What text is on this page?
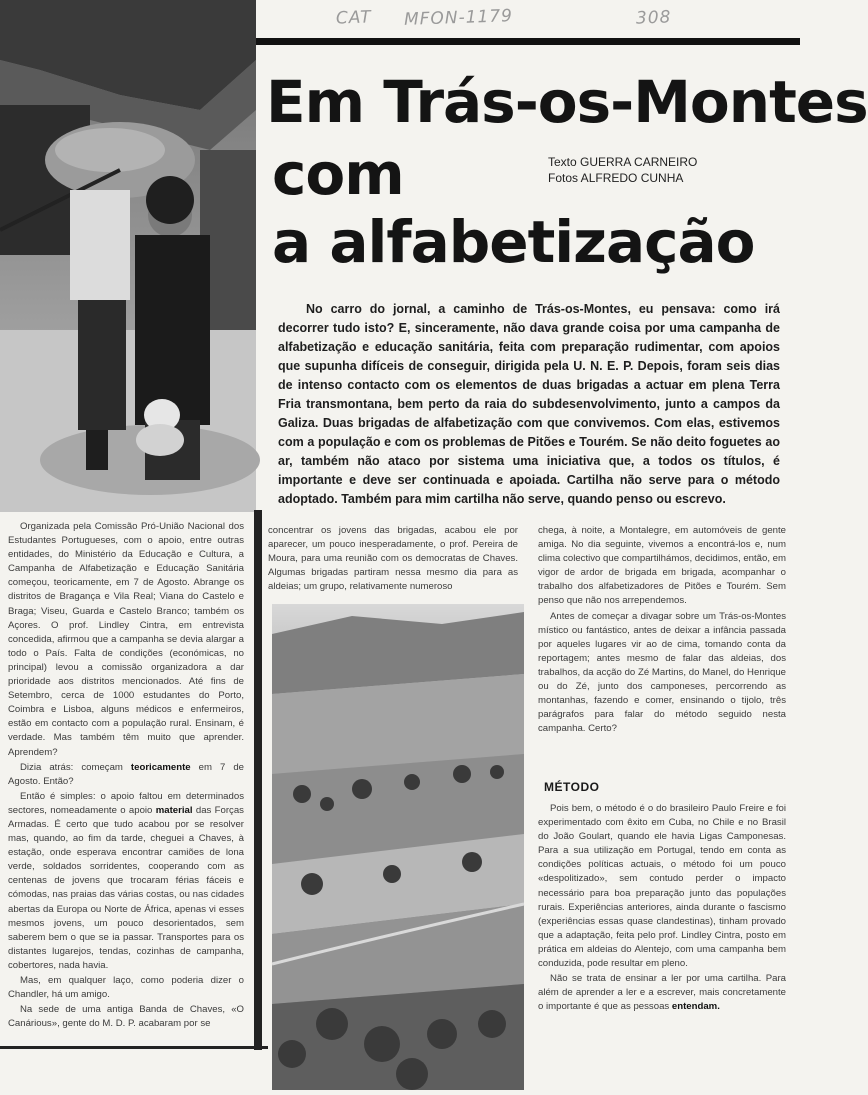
CAT MFON-1179	308
Em Trás-os-Montes
com
a alfabetização
Texto GUERRA CARNEIRO
Fotos ALFREDO CUNHA

No carro do jornal, a caminho de Trás-os-Montes, eu pensava: como irá decorrer tudo isto? E, sinceramente, não dava grande coisa por uma campanha de alfabetização e educação sanitária, feita com preparação rudimentar, com apoios que supunha difíceis de conseguir, dirigida pela U. N. E. P. Depois, foram seis dias de intenso contacto com os elementos de duas brigadas a actuar em plena Terra Fria transmontana, bem perto da raia do subdesenvolvimento, junto a campos da Galiza. Duas brigadas de alfabetização com que convivemos. Com elas, estivemos com a população e com os problemas de Pitões e Tourém. Se não deito foguetes ao ar, também não ataco por sistema uma iniciativa que, a todos os títulos, é importante e deve ser continuada e apoiada. Cartilha não serve para o método adoptado. Também para mim cartilha não serve, quando penso ou escrevo.

Organizada pela Comissão Pró-União Nacional dos Estudantes Portugueses, com o apoio, entre outras entidades, do Ministério da Educação e Cultura, a Campanha de Alfabetização e Educação Sanitária começou, teoricamente, em 7 de Agosto. Abrange os distritos de Bragança e Vila Real; Viana do Castelo e Braga; Viseu, Guarda e Castelo Branco; também os Açores. O prof. Lindley Cintra, em entrevista concedida, afirmou que a campanha se devia alargar a todo o País. Falta de condições (económicas, no principal) levou a comissão organizadora a dar prioridade aos distritos mencionados. Até fins de Setembro, cerca de 1000 estudantes do Porto, Coimbra e Lisboa, alguns médicos e enfermeiros, estão em contacto com a população rural. Ensinam, é verdade. Mas também têm muito que aprender. Aprendem?

Dizia atrás: começam teoricamente em 7 de Agosto. Então?

Então é simples: o apoio faltou em determinados sectores, nomeadamente o apoio material das Forças Armadas. É certo que tudo acabou por se resolver mas, quando, ao fim da tarde, cheguei a Chaves, à estação, onde esperava encontrar camiões de lona verde, soldados sorridentes, cooperando com as centenas de jovens que trocaram férias fáceis e cómodas, nas praias das várias costas, ou nas cidades abertas da Europa ou Norte de África, apenas vi esses mesmos jovens, um pouco desorientados, sem saberem bem o que se ia passar. Transportes para os distantes lugarejos, tendas, cozinhas de campanha, cobertores, nada havia.

Mas, em qualquer laço, como poderia dizer o Chandler, há um amigo.

Na sede de uma antiga Banda de Chaves, «O Canárious», gente do M. D. P. acabaram por se

concentrar os jovens das brigadas, acabou ele por aparecer, um pouco inesperadamente, o prof. Pereira de Moura, para uma reunião com os democratas de Chaves. Algumas brigadas partiram nessa mesmo dia para as aldeias; um grupo, relativamente numeroso

chega, à noite, a Montalegre, em automóveis de gente amiga. No dia seguinte, vivemos a encontrá-los e, num clima colectivo que compartilhámos, decidimos, então, em vigor de ardor de brigada em brigada, acompanhar o trabalho dos alfabetizadores de Pitões e Tourém. Sem penso que não nos arrependemos.

Antes de começar a divagar sobre um Trás-os-Montes místico ou fantástico, antes de deixar a infância passada por aqueles lugares vir ao de cima, tomando conta da reportagem; antes mesmo de falar das aldeias, dos trabalhos, da acção do Zé Martins, do Manel, do Henrique ou do Zé, junto dos camponeses, percorrendo as montanhas, fazendo e comer, ensinando o tijolo, três parágrafos para falar do método seguido nesta campanha. Certo?

MÉTODO

Pois bem, o método é o do brasileiro Paulo Freire e foi experimentado com êxito em Cuba, no Chile e no Brasil do João Goulart, quando ele havia Ligas Camponesas. Para a sua utilização em Portugal, tendo em conta as condições políticas actuais, o método foi um pouco «despolitizado», sem contudo perder o impacto necessário para boa preparação junto das populações rurais. Experiências anteriores, ainda durante o fascismo (experiências essas quase clandestinas), tinham provado que a adaptação, feita pelo prof. Lindley Cintra, posto em prática em aldeias do Alentejo, com uma campanha bem conduzida, pode resultar em pleno.

Não se trata de ensinar a ler por uma cartilha. Para além de aprender a ler e a escrever, mais concretamente o importante é que as pessoas entendam.
